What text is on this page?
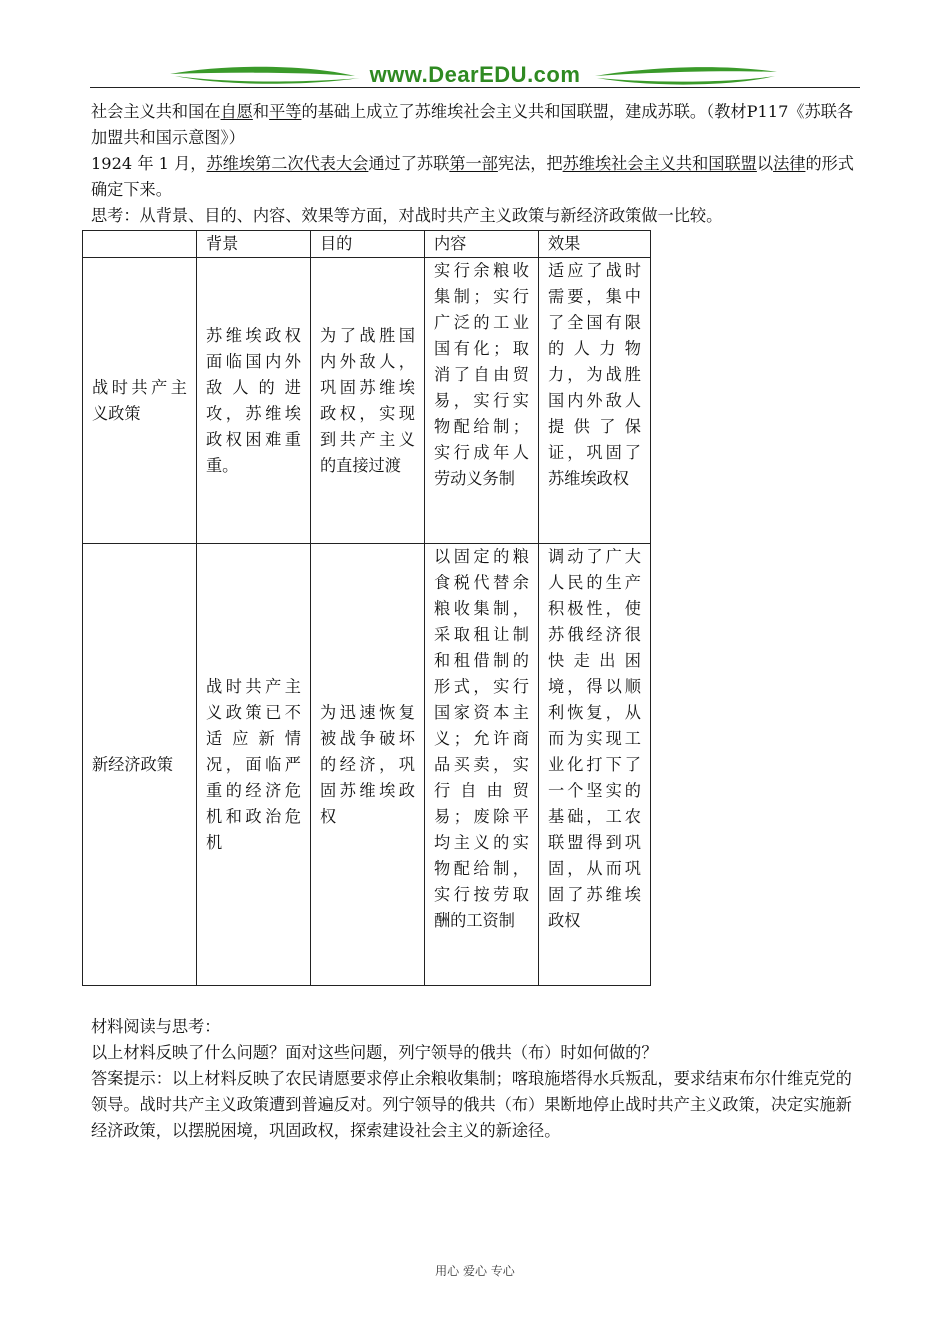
www.DearEDU.com

社会主义共和国在自愿和平等的基础上成立了苏维埃社会主义共和国联盟，建成苏联。（教材P117《苏联各加盟共和国示意图》）

1924 年 1 月，苏维埃第二次代表大会通过了苏联第一部宪法，把苏维埃社会主义共和国联盟以法律的形式确定下来。

思考：从背景、目的、内容、效果等方面，对战时共产主义政策与新经济政策做一比较。

	背景	目的	内容	效果
战时共产主义政策	苏维埃政权面临国内外敌人的进攻，苏维埃政权困难重重。	为了战胜国内外敌人，巩固苏维埃政权，实现到共产主义的直接过渡	实行余粮收集制；实行广泛的工业国有化；取消了自由贸易，实行实物配给制；实行成年人劳动义务制	适应了战时需要，集中了全国有限的人力物力，为战胜国内外敌人提供了保证，巩固了苏维埃政权
新经济政策	战时共产主义政策已不适应新情况，面临严重的经济危机和政治危机	为迅速恢复被战争破坏的经济，巩固苏维埃政权	以固定的粮食税代替余粮收集制，采取租让制和租借制的形式，实行国家资本主义；允许商品买卖，实行自由贸易；废除平均主义的实物配给制，实行按劳取酬的工资制	调动了广大人民的生产积极性，使苏俄经济很快走出困境，得以顺利恢复，从而为实现工业化打下了一个坚实的基础，工农联盟得到巩固，从而巩固了苏维埃政权

材料阅读与思考：

以上材料反映了什么问题？面对这些问题，列宁领导的俄共（布）时如何做的？

答案提示：以上材料反映了农民请愿要求停止余粮收集制；喀琅施塔得水兵叛乱，要求结束布尔什维克党的领导。战时共产主义政策遭到普遍反对。列宁领导的俄共（布）果断地停止战时共产主义政策，决定实施新经济政策，以摆脱困境，巩固政权，探索建设社会主义的新途径。

用心 爱心 专心
